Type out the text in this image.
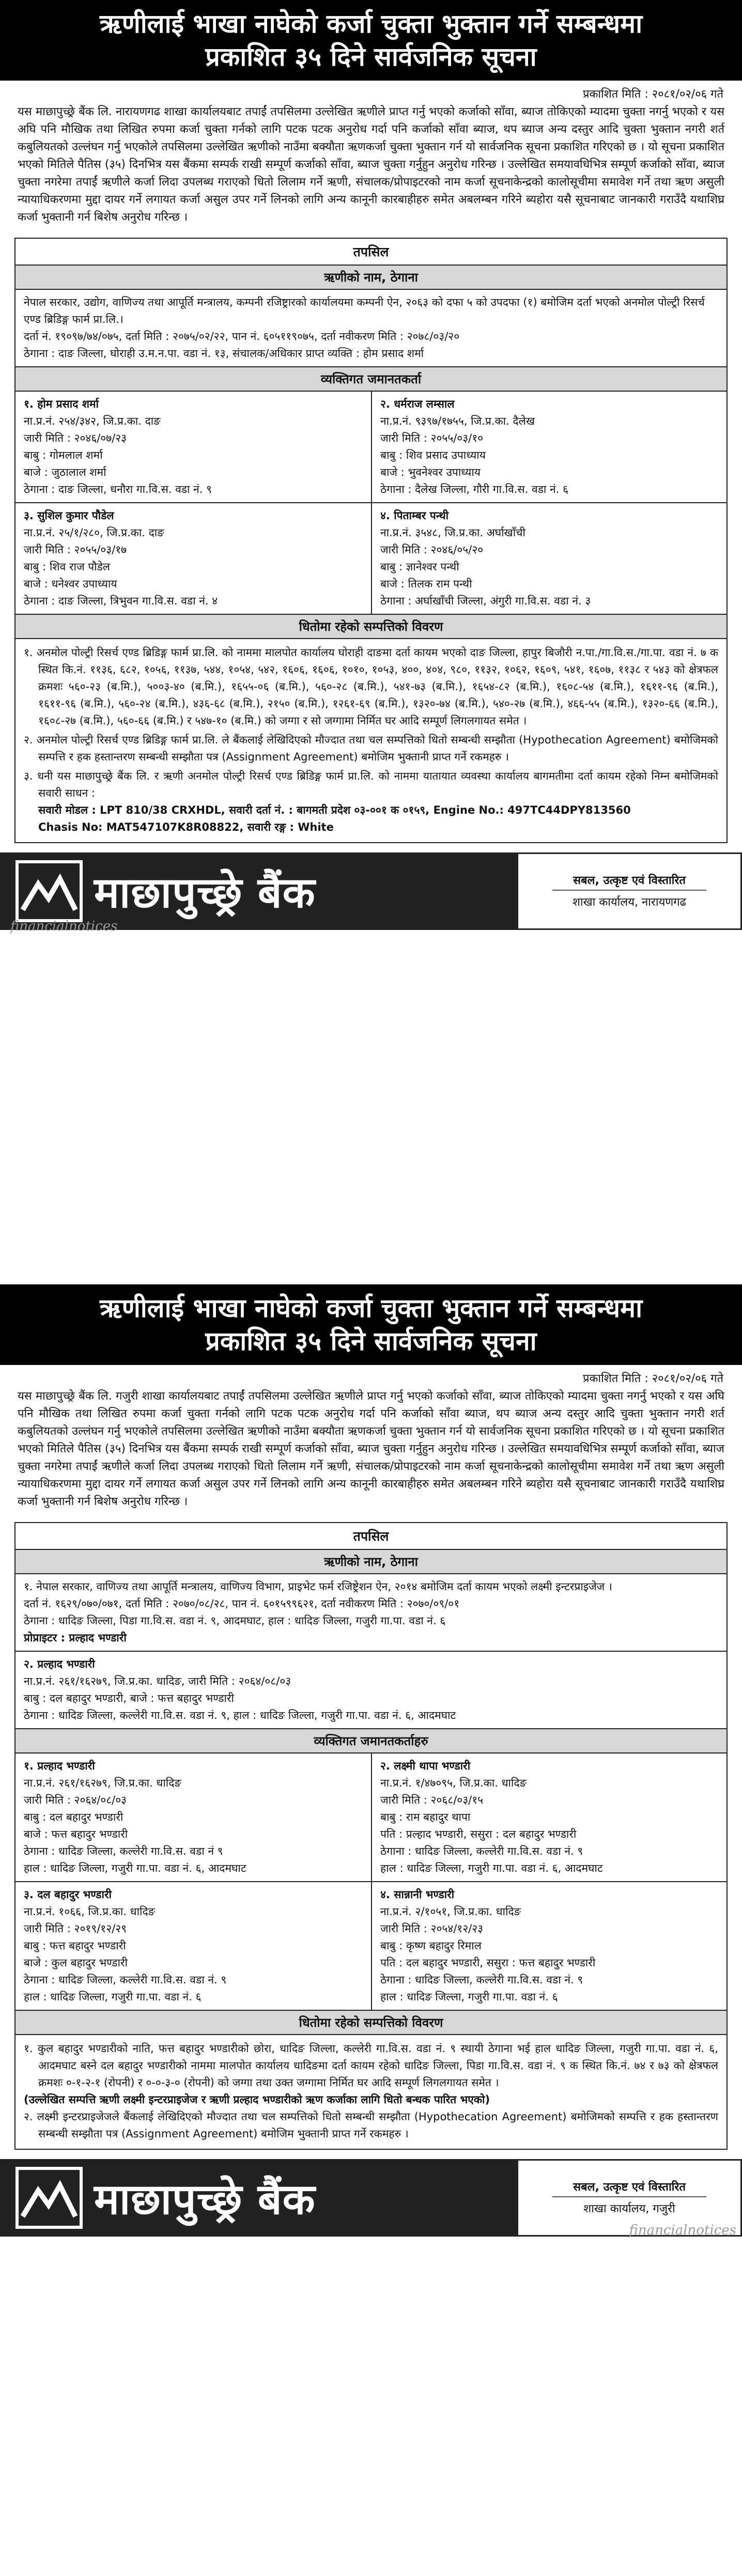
ऋणीलाई भाखा नाघेको कर्जा चुक्ता भुक्तान गर्ने सम्बन्धमा
प्रकाशित ३५ दिने सार्वजनिक सूचना
प्रकाशित मिति : २०८१/०२/०६ गते

यस माछापुच्छ्रे बैंक लि. नारायणगढ शाखा कार्यालयबाट तपाईं तपसिलमा उल्लेखित ऋणीले प्राप्त गर्नु भएको कर्जाको साँवा, ब्याज तोकिएको म्यादमा चुक्ता नगर्नु भएको र यस अघि पनि मौखिक तथा लिखित रुपमा कर्जा चुक्ता गर्नको लागि पटक पटक अनुरोध गर्दा पनि कर्जाको साँवा ब्याज, थप ब्याज अन्य दस्तुर आदि चुक्ता भुक्तान नगरी शर्त कबुलियतको उल्लंघन गर्नु भएकोले तपसिलमा उल्लेखित ऋणीको नाउँमा बक्यौता ऋणकर्जा चुक्ता भुक्तान गर्न यो सार्वजनिक सूचना प्रकाशित गरिएको छ । यो सूचना प्रकाशित भएको मितिले पैतिस (३५) दिनभित्र यस बैंकमा सम्पर्क राखी सम्पूर्ण कर्जाको साँवा, ब्याज चुक्ता गर्नुहुन अनुरोध गरिन्छ । उल्लेखित समयावधिभित्र सम्पूर्ण कर्जाको साँवा, ब्याज चुक्ता नगरेमा तपाईं ऋणीले कर्जा लिदा उपलब्ध गराएको धितो लिलाम गर्ने ऋणी, संचालक/प्रोपाइटरको नाम कर्जा सूचनाकेन्द्रको कालोसूचीमा समावेश गर्ने तथा ऋण असुली न्यायाधिकरणमा मुद्दा दायर गर्ने लगायत कर्जा असुल उपर गर्ने लिनको लागि अन्य कानूनी कारबाहीहरु समेत अबलम्बन गरिने ब्यहोरा यसै सूचनाबाट जानकारी गराउँदै यथाशिघ्र कर्जा भुक्तानी गर्न बिशेष अनुरोध गरिन्छ ।

तपसिल
ऋणीको नाम, ठेगाना
नेपाल सरकार, उद्योग, वाणिज्य तथा आपूर्ति मन्त्रालय, कम्पनी रजिष्ट्रारको कार्यालयमा कम्पनी ऐन, २०६३ को दफा ५ को उपदफा (१) बमोजिम दर्ता भएको अनमोल पोल्ट्री रिसर्च एण्ड ब्रिडिङ्ग फार्म प्रा.लि.।
दर्ता नं. १९०९७/७४/०७५, दर्ता मिति : २०७५/०२/२२, पान नं. ६०५११९०७५, दर्ता नवीकरण मिति : २०७८/०३/२०
ठेगाना : दाङ जिल्ला, घोराही उ.म.न.पा. वडा नं. १३, संचालक/अधिकार प्राप्त व्यक्ति : होम प्रसाद शर्मा
व्यक्तिगत जमानतकर्ता
१. होम प्रसाद शर्मा
ना.प्र.नं. २५४/३४२, जि.प्र.का. दाङ
जारी मिति : २०४६/०७/२३
बाबु : गोमलाल शर्मा
बाजे : जुठालाल शर्मा
ठेगाना : दाङ जिल्ला, धनौरा गा.वि.स. वडा नं. ९
२. धर्मराज लम्साल
ना.प्र.नं. ९३९७/१७५५, जि.प्र.का. दैलेख
जारी मिति : २०५५/०३/१०
बाबु : शिव प्रसाद उपाध्याय
बाजे : भुवनेश्वर उपाध्याय
ठेगाना : दैलेख जिल्ला, गौरी गा.वि.स. वडा नं. ६
३. सुशिल कुमार पौडेल
ना.प्र.नं. २५/१/२८०, जि.प्र.का. दाङ
जारी मिति : २०५५/०३/१७
बाबु : शिव राज पौडेल
बाजे : धनेश्वर उपाध्याय
ठेगाना : दाङ जिल्ला, त्रिभुवन गा.वि.स. वडा नं. ४
४. पिताम्बर पन्थी
ना.प्र.नं. ३५४८, जि.प्र.का. अर्घाखाँची
जारी मिति : २०४६/०५/२०
बाबु : ज्ञानेश्वर पन्थी
बाजे : तिलक राम पन्थी
ठेगाना : अर्घाखाँची जिल्ला, अंगुरी गा.वि.स. वडा नं. ३
धितोमा रहेको सम्पत्तिको विवरण
१. अनमोल पोल्ट्री रिसर्च एण्ड ब्रिडिङ्ग फार्म प्रा.लि. को नाममा मालपोत कार्यालय घोराही दाङमा दर्ता कायम भएको दाङ जिल्ला, हापुर बिजौरी न.पा./गा.वि.स./गा.पा. वडा नं. ७ क स्थित कि.नं. ११३६, ६८२, १०५६, ११३७, ५४४, १०५४, ५४२, १६०६, १६०६, १०१०, १०५३, ४००, ४०४, ९८०, ११३२, १०६२, १६०९, ५४१, १६०७, ११३८ र ५४३ को क्षेत्रफल क्रमशः ५६०-२३ (ब.मि.), ५००३-४० (ब.मि.), १६५५-०६ (ब.मि.), ५६०-२८ (ब.मि.), ५४१-७३ (ब.मि.), १६५४-८२ (ब.मि.), १६०८-५४ (ब.मि.), १६११-९६ (ब.मि.), १६११-९६ (ब.मि.), ५६०-२४ (ब.मि.), ४३६-६८ (ब.मि.), २१५० (ब.मि.), १२६१-६९ (ब.मि.), १३२०-७४ (ब.मि.), ५४०-२७ (ब.मि.), ४६६-५५ (ब.मि.), १३२०-६६ (ब.मि.), १६०८-२७ (ब.मि.), ५६०-६६ (ब.मि.) र ५४७-१० (ब.मि.) को जग्गा र सो जग्गामा निर्मित घर आदि सम्पूर्ण लिगलगायत समेत ।
२. अनमोल पोल्ट्री रिसर्च एण्ड ब्रिडिङ्ग फार्म प्रा.लि. ले बैंकलाई लेखिदिएको मौज्दात तथा चल सम्पत्तिको धितो सम्बन्धी सम्झौता (Hypothecation Agreement) बमोजिमको सम्पत्ति र हक हस्तान्तरण सम्बन्धी सम्झौता पत्र (Assignment Agreement) बमोजिम भुक्तानी प्राप्त गर्ने रकमहरु ।
३. धनी यस माछापुच्छ्रे बैंक लि. र ऋणी अनमोल पोल्ट्री रिसर्च एण्ड ब्रिडिङ्ग फार्म प्रा.लि. को नाममा यातायात व्यवस्था कार्यालय बागमतीमा दर्ता कायम रहेको निम्न बमोजिमको सवारी साधन :
सवारी मोडल : LPT 810/38 CRXHDL, सवारी दर्ता नं. : बागमती प्रदेश ०३-००१ क ०१५९, Engine No.: 497TC44DPY813560
Chasis No: MAT547107K8R08822, सवारी रङ्ग : White
माछापुच्छ्रे बैंक
financialnotices
सबल, उत्कृष्ट एवं विस्तारित
शाखा कार्यालय, नारायणगढ
ऋणीलाई भाखा नाघेको कर्जा चुक्ता भुक्तान गर्ने सम्बन्धमा
प्रकाशित ३५ दिने सार्वजनिक सूचना
प्रकाशित मिति : २०८१/०२/०६ गते

यस माछापुच्छ्रे बैंक लि. गजुरी शाखा कार्यालयबाट तपाईं तपसिलमा उल्लेखित ऋणीले प्राप्त गर्नु भएको कर्जाको साँवा, ब्याज तोकिएको म्यादमा चुक्ता नगर्नु भएको र यस अघि पनि मौखिक तथा लिखित रुपमा कर्जा चुक्ता गर्नको लागि पटक पटक अनुरोध गर्दा पनि कर्जाको साँवा ब्याज, थप ब्याज अन्य दस्तुर आदि चुक्ता भुक्तान नगरी शर्त कबुलियतको उल्लंघन गर्नु भएकोले तपसिलमा उल्लेखित ऋणीको नाउँमा बक्यौता ऋणकर्जा चुक्ता भुक्तान गर्न यो सार्वजनिक सूचना प्रकाशित गरिएको छ । यो सूचना प्रकाशित भएको मितिले पैतिस (३५) दिनभित्र यस बैंकमा सम्पर्क राखी सम्पूर्ण कर्जाको साँवा, ब्याज चुक्ता गर्नुहुन अनुरोध गरिन्छ । उल्लेखित समयावधिभित्र सम्पूर्ण कर्जाको साँवा, ब्याज चुक्ता नगरेमा तपाईं ऋणीले कर्जा लिदा उपलब्ध गराएको धितो लिलाम गर्ने ऋणी, संचालक/प्रोपाइटरको नाम कर्जा सूचनाकेन्द्रको कालोसूचीमा समावेश गर्ने तथा ऋण असुली न्यायाधिकरणमा मुद्दा दायर गर्ने लगायत कर्जा असुल उपर गर्ने लिनको लागि अन्य कानूनी कारबाहीहरु समेत अबलम्बन गरिने ब्यहोरा यसै सूचनाबाट जानकारी गराउँदै यथाशिघ्र कर्जा भुक्तानी गर्न बिशेष अनुरोध गरिन्छ ।

तपसिल
ऋणीको नाम, ठेगाना
१. नेपाल सरकार, वाणिज्य तथा आपूर्ति मन्त्रालय, वाणिज्य विभाग, प्राइभेट फर्म रजिष्ट्रेशन ऐन, २०१४ बमोजिम दर्ता कायम भएको लक्ष्मी इन्टरप्राइजेज ।
दर्ता नं. १६२९/०७०/०७१, दर्ता मिति : २०७०/०८/२८, पान नं. ६०१५९९६२१, दर्ता नवीकरण मिति : २०७०/०९/०१
ठेगाना : धादिङ जिल्ला, पिडा गा.वि.स. वडा नं. ९, आदमघाट, हाल : धादिङ जिल्ला, गजुरी गा.पा. वडा नं. ६
प्रोप्राइटर : प्रल्हाद भण्डारी
२. प्रल्हाद भण्डारी
ना.प्र.नं. २६१/१६२७९, जि.प्र.का. धादिङ, जारी मिति : २०६४/०८/०३
बाबु : दल बहादुर भण्डारी, बाजे : फत्त बहादुर भण्डारी
ठेगाना : धादिङ जिल्ला, कल्लेरी गा.वि.स. वडा नं. ९, हाल : धादिङ जिल्ला, गजुरी गा.पा. वडा नं. ६, आदमघाट
व्यक्तिगत जमानतकर्ताहरु
१. प्रल्हाद भण्डारी
ना.प्र.नं. २६१/१६२७९, जि.प्र.का. धादिङ
जारी मिति : २०६४/०८/०३
बाबु : दल बहादुर भण्डारी
बाजे : फत्त बहादुर भण्डारी
ठेगाना : धादिङ जिल्ला, कल्लेरी गा.वि.स. वडा नं ९
हाल : धादिङ जिल्ला, गजुरी गा.पा. वडा नं. ६, आदमघाट
२. लक्ष्मी थापा भण्डारी
ना.प्र.नं. १/४७०९५, जि.प्र.का. धादिङ
जारी मिति : २०६८/०३/१५
बाबु : राम बहादुर थापा
पति : प्रल्हाद भण्डारी, ससुरा : दल बहादुर भण्डारी
ठेगाना : धादिङ जिल्ला, कल्लेरी गा.वि.स. वडा नं. ९
हाल : धादिङ जिल्ला, गजुरी गा.पा. वडा नं. ६, आदमघाट
३. दल बहादुर भण्डारी
ना.प्र.नं. १०६६, जि.प्र.का. धादिङ
जारी मिति : २०१९/१२/२९
बाबु : फत्त बहादुर भण्डारी
बाजे : कुल बहादुर भण्डारी
ठेगाना : धादिङ जिल्ला, कल्लेरी गा.वि.स. वडा नं. ९
हाल : धादिङ जिल्ला, गजुरी गा.पा. वडा नं. ६
४. सान्नानी भण्डारी
ना.प्र.नं. २/१०५१, जि.प्र.का. धादिङ
जारी मिति : २०५४/१२/२३
बाबु : कृष्ण बहादुर रिमाल
पति : दल बहादुर भण्डारी, ससुरा : फत्त बहादुर भण्डारी
ठेगाना : धादिङ जिल्ला, कल्लेरी गा.वि.स. वडा नं. ९
हाल : धादिङ जिल्ला, गजुरी गा.पा. वडा नं. ६
धितोमा रहेको सम्पत्तिको विवरण
१. कुल बहादुर भण्डारीको नाति, फत्त बहादुर भण्डारीको छोरा, धादिङ जिल्ला, कल्लेरी गा.वि.स. वडा नं. ९ स्थायी ठेगाना भई हाल धादिङ जिल्ला, गजुरी गा.पा. वडा नं. ६, आदमघाट बस्ने दल बहादुर भण्डारीको नाममा मालपोत कार्यालय धादिङमा दर्ता कायम रहेको धादिङ जिल्ला, पिडा गा.वि.स. वडा नं. ९ क स्थित कि.नं. ७४ र ७३ को क्षेत्रफल क्रमशः ०-१-२-१ (रोपनी) र ०-०-३-० (रोपनी) को जग्गा तथा उक्त जग्गामा निर्मित घर आदि सम्पूर्ण लिगलगायत समेत ।
(उल्लेखित सम्पत्ति ऋणी लक्ष्मी इन्टरप्राइजेज र ऋणी प्रल्हाद भण्डारीको ऋण कर्जाका लागि धितो बन्धक पारित भएको)
२. लक्ष्मी इन्टरप्राइजेजले बैंकलाई लेखिदिएको मौज्दात तथा चल सम्पत्तिको धितो सम्बन्धी सम्झौता (Hypothecation Agreement) बमोजिमको सम्पत्ति र हक हस्तान्तरण सम्बन्धी सम्झौता पत्र (Assignment Agreement) बमोजिम भुक्तानी प्राप्त गर्ने रकमहरु ।
माछापुच्छ्रे बैंक	सबल, उत्कृष्ट एवं विस्तारित
शाखा कार्यालय, गजुरी
financialnotices
